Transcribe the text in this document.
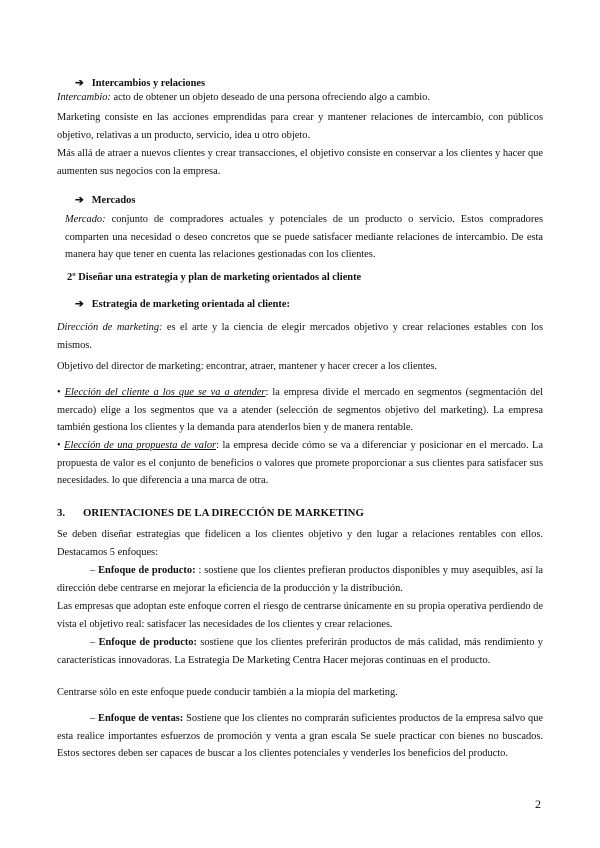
➔ Intercambios y relaciones
Intercambio: acto de obtener un objeto deseado de una persona ofreciendo algo a cambio.
Marketing consiste en las acciones emprendidas para crear y mantener relaciones de intercambio, con públicos objetivo, relativas a un producto, servicio, idea u otro objeto.
Más allá de atraer a nuevos clientes y crear transacciones, el objetivo consiste en conservar a los clientes y hacer que aumenten sus negocios con la empresa.
➔ Mercados
Mercado: conjunto de compradores actuales y potenciales de un producto o servicio. Estos compradores comparten una necesidad o deseo concretos que se puede satisfacer mediante relaciones de intercambio. De esta manera hay que tener en cuenta las relaciones gestionadas con los clientes.
2º Diseñar una estrategia y plan de marketing orientados al cliente
➔ Estrategia de marketing orientada al cliente:
Dirección de marketing: es el arte y la ciencia de elegir mercados objetivo y crear relaciones estables con los mismos.
Objetivo del director de marketing: encontrar, atraer, mantener y hacer crecer a los clientes.
• Elección del cliente a los que se va a atender: la empresa divide el mercado en segmentos (segmentación del mercado) elige a los segmentos que va a atender (selección de segmentos objetivo del marketing). La empresa también gestiona los clientes y la demanda para atenderlos bien y de manera rentable.
• Elección de una propuesta de valor: la empresa decide cómo se va a diferenciar y posicionar en el mercado. La propuesta de valor es el conjunto de beneficios o valores que promete proporcionar a sus clientes para satisfacer sus necesidades. lo que diferencia a una marca de otra.
3. ORIENTACIONES DE LA DIRECCIÓN DE MARKETING
Se deben diseñar estrategias que fidelicen a los clientes objetivo y den lugar a relaciones rentables con ellos. Destacamos 5 enfoques:
– Enfoque de producto: : sostiene que los clientes prefieran productos disponibles y muy asequibles, así la dirección debe centrarse en mejorar la eficiencia de la producción y la distribución.
Las empresas que adoptan este enfoque corren el riesgo de centrarse únicamente en su propia operativa perdiendo de vista el objetivo real: satisfacer las necesidades de los clientes y crear relaciones.
– Enfoque de producto: sostiene que los clientes preferirán productos de más calidad, más rendimiento y características innovadoras. La Estrategia De Marketing Centra Hacer mejoras continuas en el producto.
Centrarse sólo en este enfoque puede conducir también a la miopía del marketing.
– Enfoque de ventas: Sostiene que los clientes no comprarán suficientes productos de la empresa salvo que esta realice importantes esfuerzos de promoción y venta a gran escala Se suele practicar con bienes no buscados. Estos sectores deben ser capaces de buscar a los clientes potenciales y venderles los beneficios del producto.
2
